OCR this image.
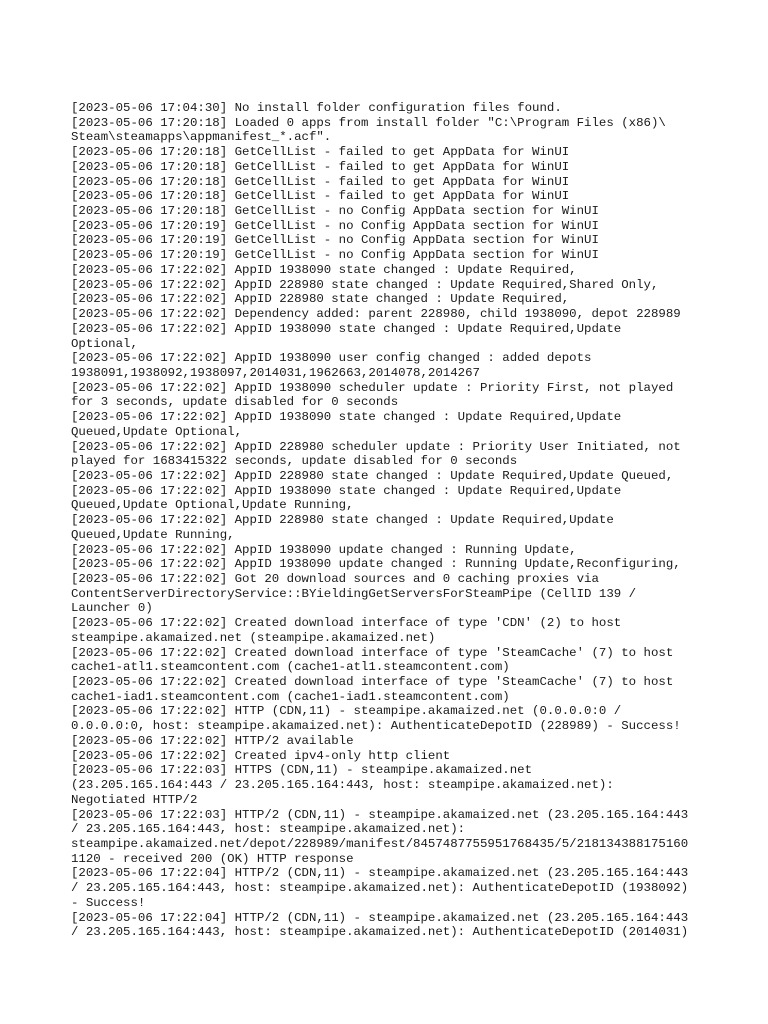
[2023-05-06 17:04:30] No install folder configuration files found.
[2023-05-06 17:20:18] Loaded 0 apps from install folder "C:\Program Files (x86)\
Steam\steamapps\appmanifest_*.acf".
[2023-05-06 17:20:18] GetCellList - failed to get AppData for WinUI
[2023-05-06 17:20:18] GetCellList - failed to get AppData for WinUI
[2023-05-06 17:20:18] GetCellList - failed to get AppData for WinUI
[2023-05-06 17:20:18] GetCellList - failed to get AppData for WinUI
[2023-05-06 17:20:18] GetCellList - no Config AppData section for WinUI
[2023-05-06 17:20:19] GetCellList - no Config AppData section for WinUI
[2023-05-06 17:20:19] GetCellList - no Config AppData section for WinUI
[2023-05-06 17:20:19] GetCellList - no Config AppData section for WinUI
[2023-05-06 17:22:02] AppID 1938090 state changed : Update Required,
[2023-05-06 17:22:02] AppID 228980 state changed : Update Required,Shared Only,
[2023-05-06 17:22:02] AppID 228980 state changed : Update Required,
[2023-05-06 17:22:02] Dependency added: parent 228980, child 1938090, depot 228989
[2023-05-06 17:22:02] AppID 1938090 state changed : Update Required,Update
Optional,
[2023-05-06 17:22:02] AppID 1938090 user config changed : added depots
1938091,1938092,1938097,2014031,1962663,2014078,2014267
[2023-05-06 17:22:02] AppID 1938090 scheduler update : Priority First, not played
for 3 seconds, update disabled for 0 seconds
[2023-05-06 17:22:02] AppID 1938090 state changed : Update Required,Update
Queued,Update Optional,
[2023-05-06 17:22:02] AppID 228980 scheduler update : Priority User Initiated, not
played for 1683415322 seconds, update disabled for 0 seconds
[2023-05-06 17:22:02] AppID 228980 state changed : Update Required,Update Queued,
[2023-05-06 17:22:02] AppID 1938090 state changed : Update Required,Update
Queued,Update Optional,Update Running,
[2023-05-06 17:22:02] AppID 228980 state changed : Update Required,Update
Queued,Update Running,
[2023-05-06 17:22:02] AppID 1938090 update changed : Running Update,
[2023-05-06 17:22:02] AppID 1938090 update changed : Running Update,Reconfiguring,
[2023-05-06 17:22:02] Got 20 download sources and 0 caching proxies via
ContentServerDirectoryService::BYieldingGetServersForSteamPipe (CellID 139 /
Launcher 0)
[2023-05-06 17:22:02] Created download interface of type 'CDN' (2) to host
steampipe.akamaized.net (steampipe.akamaized.net)
[2023-05-06 17:22:02] Created download interface of type 'SteamCache' (7) to host
cache1-atl1.steamcontent.com (cache1-atl1.steamcontent.com)
[2023-05-06 17:22:02] Created download interface of type 'SteamCache' (7) to host
cache1-iad1.steamcontent.com (cache1-iad1.steamcontent.com)
[2023-05-06 17:22:02] HTTP (CDN,11) - steampipe.akamaized.net (0.0.0.0:0 /
0.0.0.0:0, host: steampipe.akamaized.net): AuthenticateDepotID (228989) - Success!
[2023-05-06 17:22:02] HTTP/2 available
[2023-05-06 17:22:02] Created ipv4-only http client
[2023-05-06 17:22:03] HTTPS (CDN,11) - steampipe.akamaized.net
(23.205.165.164:443 / 23.205.165.164:443, host: steampipe.akamaized.net):
Negotiated HTTP/2
[2023-05-06 17:22:03] HTTP/2 (CDN,11) - steampipe.akamaized.net (23.205.165.164:443
/ 23.205.165.164:443, host: steampipe.akamaized.net):
steampipe.akamaized.net/depot/228989/manifest/8457487755951768435/5/218134388175160
1120 - received 200 (OK) HTTP response
[2023-05-06 17:22:04] HTTP/2 (CDN,11) - steampipe.akamaized.net (23.205.165.164:443
/ 23.205.165.164:443, host: steampipe.akamaized.net): AuthenticateDepotID (1938092)
- Success!
[2023-05-06 17:22:04] HTTP/2 (CDN,11) - steampipe.akamaized.net (23.205.165.164:443
/ 23.205.165.164:443, host: steampipe.akamaized.net): AuthenticateDepotID (2014031)
